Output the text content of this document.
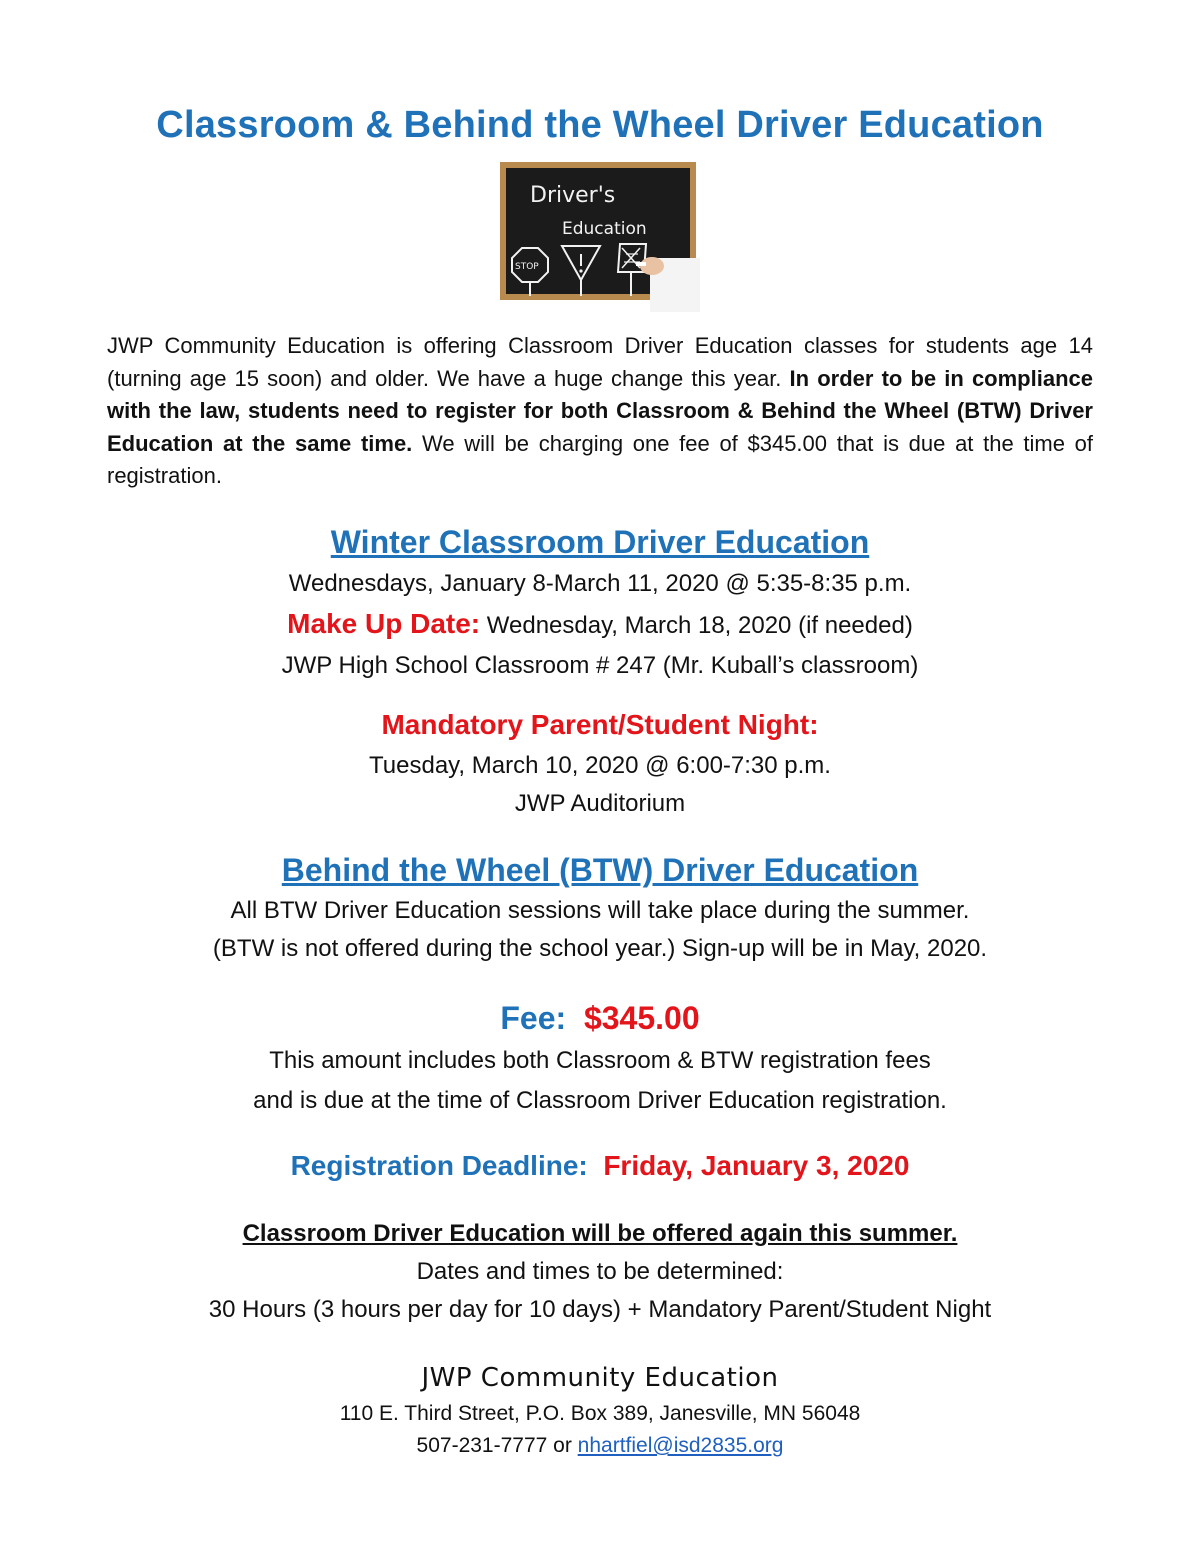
Classroom & Behind the Wheel Driver Education
Driver's
Education
STOP
JWP Community Education is offering Classroom Driver Education classes for students age 14 (turning age 15 soon) and older. We have a huge change this year. In order to be in compliance with the law, students need to register for both Classroom & Behind the Wheel (BTW) Driver Education at the same time. We will be charging one fee of $345.00 that is due at the time of registration.
Winter Classroom Driver Education
Wednesdays, January 8-March 11, 2020 @ 5:35-8:35 p.m.
Make Up Date: Wednesday, March 18, 2020 (if needed)
JWP High School Classroom # 247 (Mr. Kuball’s classroom)
Mandatory Parent/Student Night:
Tuesday, March 10, 2020 @ 6:00-7:30 p.m.
JWP Auditorium
Behind the Wheel (BTW) Driver Education
All BTW Driver Education sessions will take place during the summer.
(BTW is not offered during the school year.) Sign-up will be in May, 2020.
Fee: $345.00
This amount includes both Classroom & BTW registration fees
and is due at the time of Classroom Driver Education registration.
Registration Deadline: Friday, January 3, 2020
Classroom Driver Education will be offered again this summer.
Dates and times to be determined:
30 Hours (3 hours per day for 10 days) + Mandatory Parent/Student Night
JWP Community Education
110 E. Third Street, P.O. Box 389, Janesville, MN 56048
507-231-7777 or nhartfiel@isd2835.org
